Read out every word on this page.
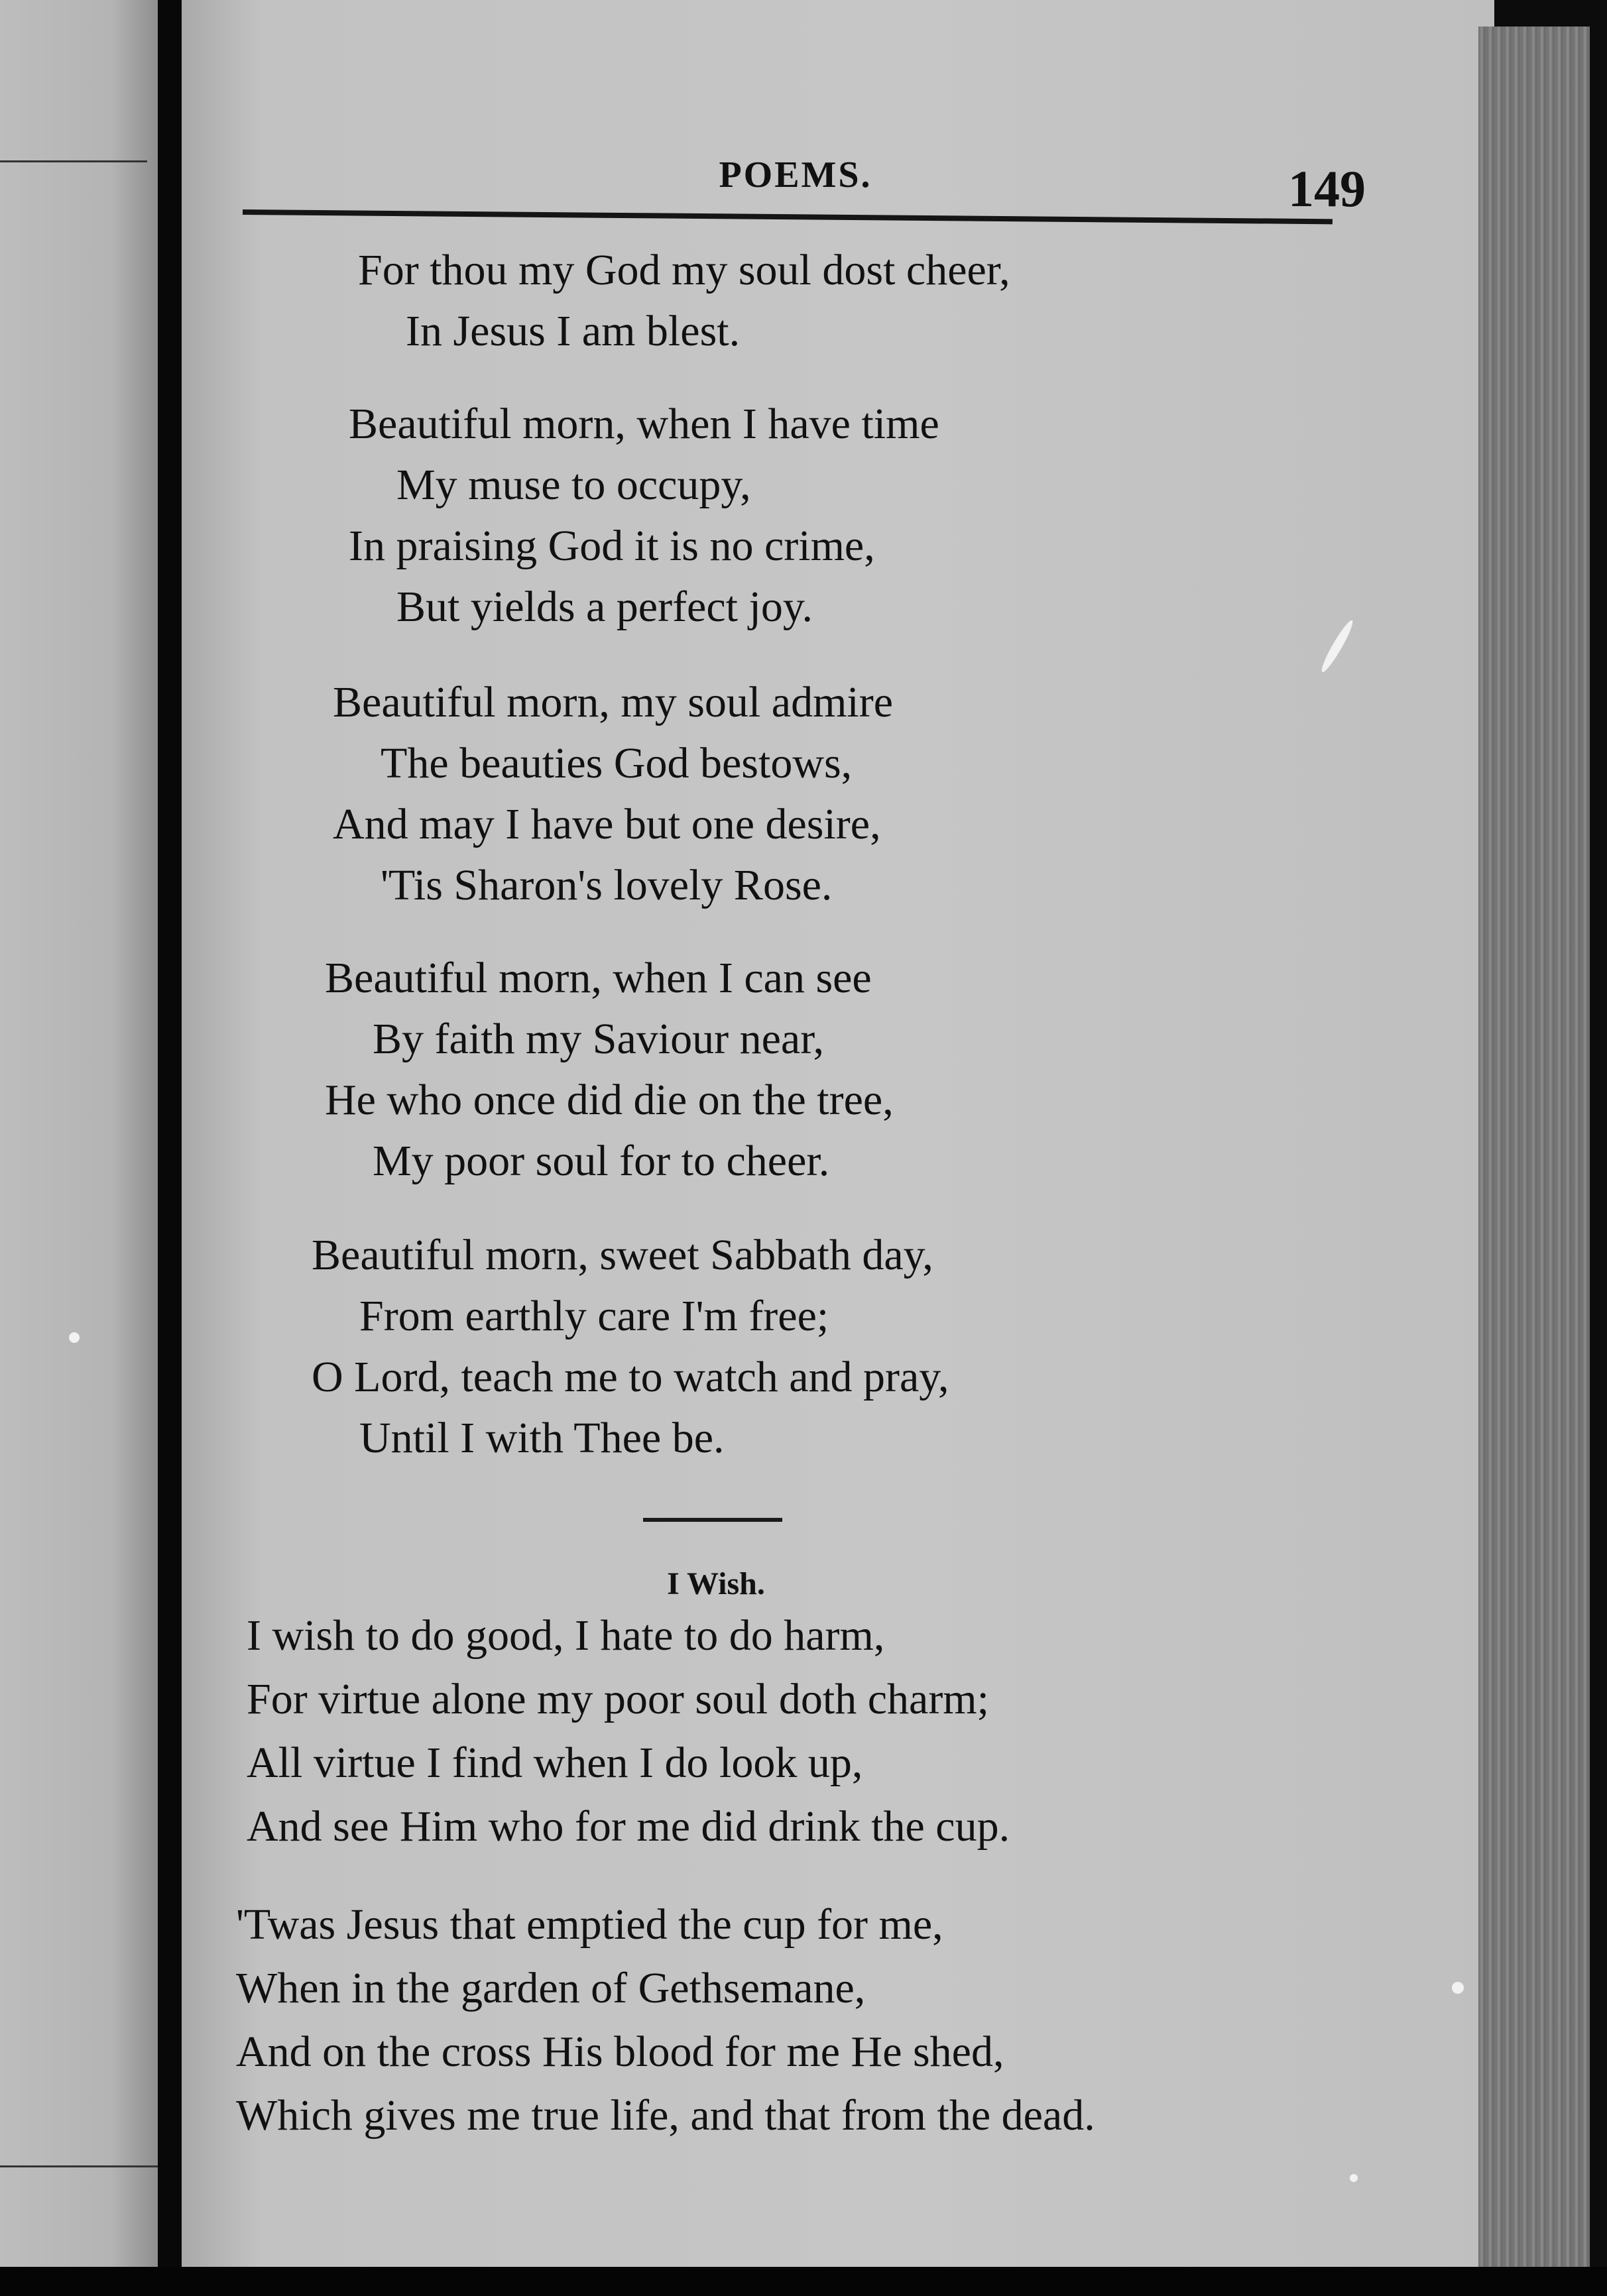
POEMS.	149
For thou my God my soul dost cheer,
In Jesus I am blest.
Beautiful morn, when I have time
My muse to occupy,
In praising God it is no crime,
But yields a perfect joy.
Beautiful morn, my soul admire
The beauties God bestows,
And may I have but one desire,
'Tis Sharon's lovely Rose.
Beautiful morn, when I can see
By faith my Saviour near,
He who once did die on the tree,
My poor soul for to cheer.
Beautiful morn, sweet Sabbath day,
From earthly care I'm free;
O Lord, teach me to watch and pray,
Until I with Thee be.
I Wish.
I wish to do good, I hate to do harm,
For virtue alone my poor soul doth charm;
All virtue I find when I do look up,
And see Him who for me did drink the cup.
'Twas Jesus that emptied the cup for me,
When in the garden of Gethsemane,
And on the cross His blood for me He shed,
Which gives me true life, and that from the dead.
